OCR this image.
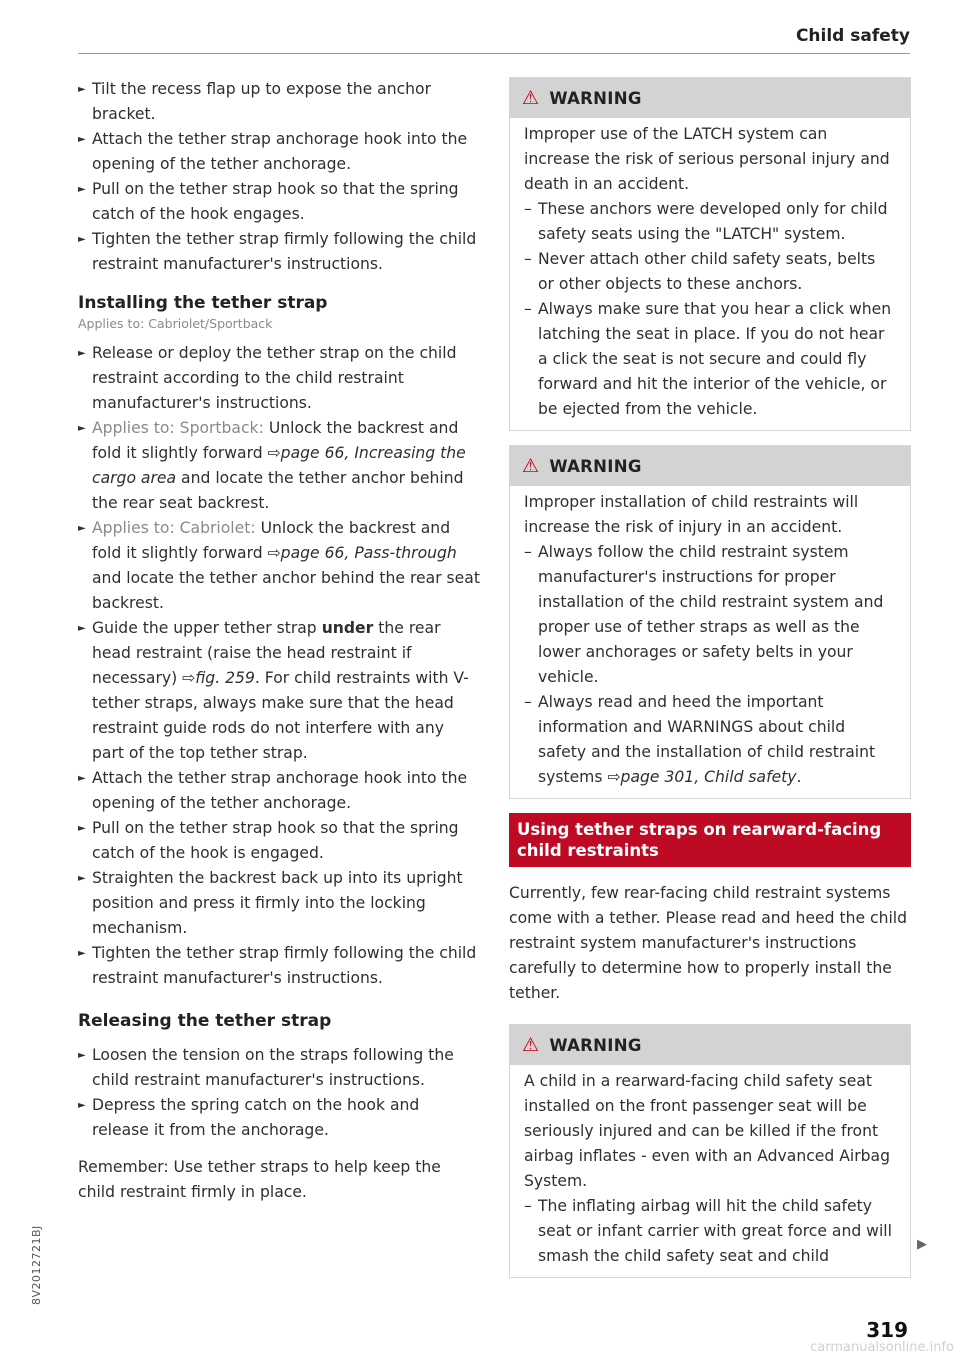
Child safety
► Tilt the recess flap up to expose the anchor bracket.
► Attach the tether strap anchorage hook into the opening of the tether anchorage.
► Pull on the tether strap hook so that the spring catch of the hook engages.
► Tighten the tether strap firmly following the child restraint manufacturer's instructions.
Installing the tether strap
Applies to: Cabriolet/Sportback
► Release or deploy the tether strap on the child restraint according to the child restraint manufacturer's instructions.
► Applies to: Sportback: Unlock the backrest and fold it slightly forward ⇨page 66, Increasing the cargo area and locate the tether anchor behind the rear seat backrest.
► Applies to: Cabriolet: Unlock the backrest and fold it slightly forward ⇨page 66, Pass-through and locate the tether anchor behind the rear seat backrest.
► Guide the upper tether strap under the rear head restraint (raise the head restraint if necessary) ⇨fig. 259. For child restraints with V-tether straps, always make sure that the head restraint guide rods do not interfere with any part of the top tether strap.
► Attach the tether strap anchorage hook into the opening of the tether anchorage.
► Pull on the tether strap hook so that the spring catch of the hook is engaged.
► Straighten the backrest back up into its upright position and press it firmly into the locking mechanism.
► Tighten the tether strap firmly following the child restraint manufacturer's instructions.
Releasing the tether strap
► Loosen the tension on the straps following the child restraint manufacturer's instructions.
► Depress the spring catch on the hook and release it from the anchorage.
Remember: Use tether straps to help keep the child restraint firmly in place.
⚠ WARNING
Improper use of the LATCH system can increase the risk of serious personal injury and death in an accident.
– These anchors were developed only for child safety seats using the "LATCH" system.
– Never attach other child safety seats, belts or other objects to these anchors.
– Always make sure that you hear a click when latching the seat in place. If you do not hear a click the seat is not secure and could fly forward and hit the interior of the vehicle, or be ejected from the vehicle.
⚠ WARNING
Improper installation of child restraints will increase the risk of injury in an accident.
– Always follow the child restraint system manufacturer's instructions for proper installation of the child restraint system and proper use of tether straps as well as the lower anchorages or safety belts in your vehicle.
– Always read and heed the important information and WARNINGS about child safety and the installation of child restraint systems ⇨page 301, Child safety.
Using tether straps on rearward-facing child restraints
Currently, few rear-facing child restraint systems come with a tether. Please read and heed the child restraint system manufacturer's instructions carefully to determine how to properly install the tether.
⚠ WARNING
A child in a rearward-facing child safety seat installed on the front passenger seat will be seriously injured and can be killed if the front airbag inflates - even with an Advanced Airbag System.
– The inflating airbag will hit the child safety seat or infant carrier with great force and will smash the child safety seat and child
▶
319
8V2012721BJ
carmanualsonline.info
